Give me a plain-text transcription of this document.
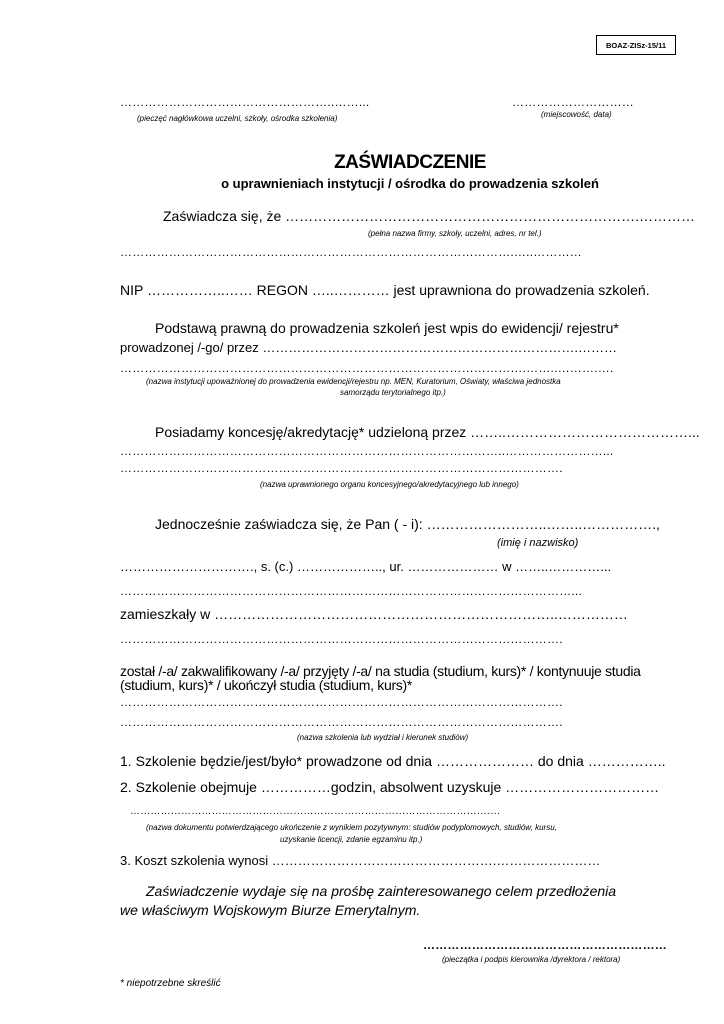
BOAZ-ZISz-15/11
……………………………………………..……...
(pieczęć nagłówkowa uczelni, szkoły, ośrodka szkolenia)
…………………………
(miejscowość, data)
ZAŚWIADCZENIE
o uprawnieniach instytucji / ośrodka do prowadzenia szkoleń
Zaświadcza się, że ………………………………………………………………….…………
(pełna nazwa firmy, szkoły, uczelni, adres, nr tel.)
…………………………………………………………………………………….…..…………
NIP ……………..…… REGON …..………… jest uprawniona do prowadzenia szkoleń.
Podstawą prawną do prowadzenia szkoleń jest wpis do ewidencji/ rejestru*
prowadzonej /-go/ przez ……………………………………………………………….………
……………………………………………………………………………………….……..……….….
(nazwa instytucji upoważnionej do prowadzenia ewidencji/rejestru np. MEN, Kuratorium, Oświaty, właściwa jednostka
samorządu terytorialnego itp.)
Posiadamy koncesję/akredytację* udzieloną przez ……..…………………………………...
…………………………………………………………………………………..……………………...
……………………………………………………………………………………………….
(nazwa uprawnionego organu koncesyjnego/akredytacyjnego lub innego)
Jednocześnie zaświadcza się, że Pan ( - i): ……………………..……..…………….,
(imię i nazwisko)
…………………………., s. (c.) ……………….., ur. ………………… w ……..…………...
…………………………………………………………………………………………………...
zamieszkały w ………………………………………………………………..……………
……………………………………………………………………………………………….
został /-a/ zakwalifikowany /-a/ przyjęty /-a/ na studia (studium, kurs)* / kontynuuje studia
(studium, kurs)* / ukończył studia (studium, kurs)*
……………………………………………………………………………………………….
……………………………………………………………………………………………….
(nazwa szkolenia lub wydział i kierunek studiów)
1. Szkolenie będzie/jest/było* prowadzone od dnia ………………… do dnia ……………..
2. Szkolenie obejmuje ……………godzin, absolwent uzyskuje ……………………………
……………………………………………………………………………………………….
(nazwa dokumentu potwierdzającego ukończenie z wynikiem pozytywnym: studiów podyplomowych, studiów, kursu,
uzyskanie licencji, zdanie egzaminu itp.)
3. Koszt szkolenia wynosi …………………………………………….……………………
Zaświadczenie wydaje się na prośbę zainteresowanego celem przedłożenia
we właściwym Wojskowym Biurze Emerytalnym.
……………………………………………………
(pieczątka i podpis kierownika /dyrektora / rektora)
* niepotrzebne skreślić
